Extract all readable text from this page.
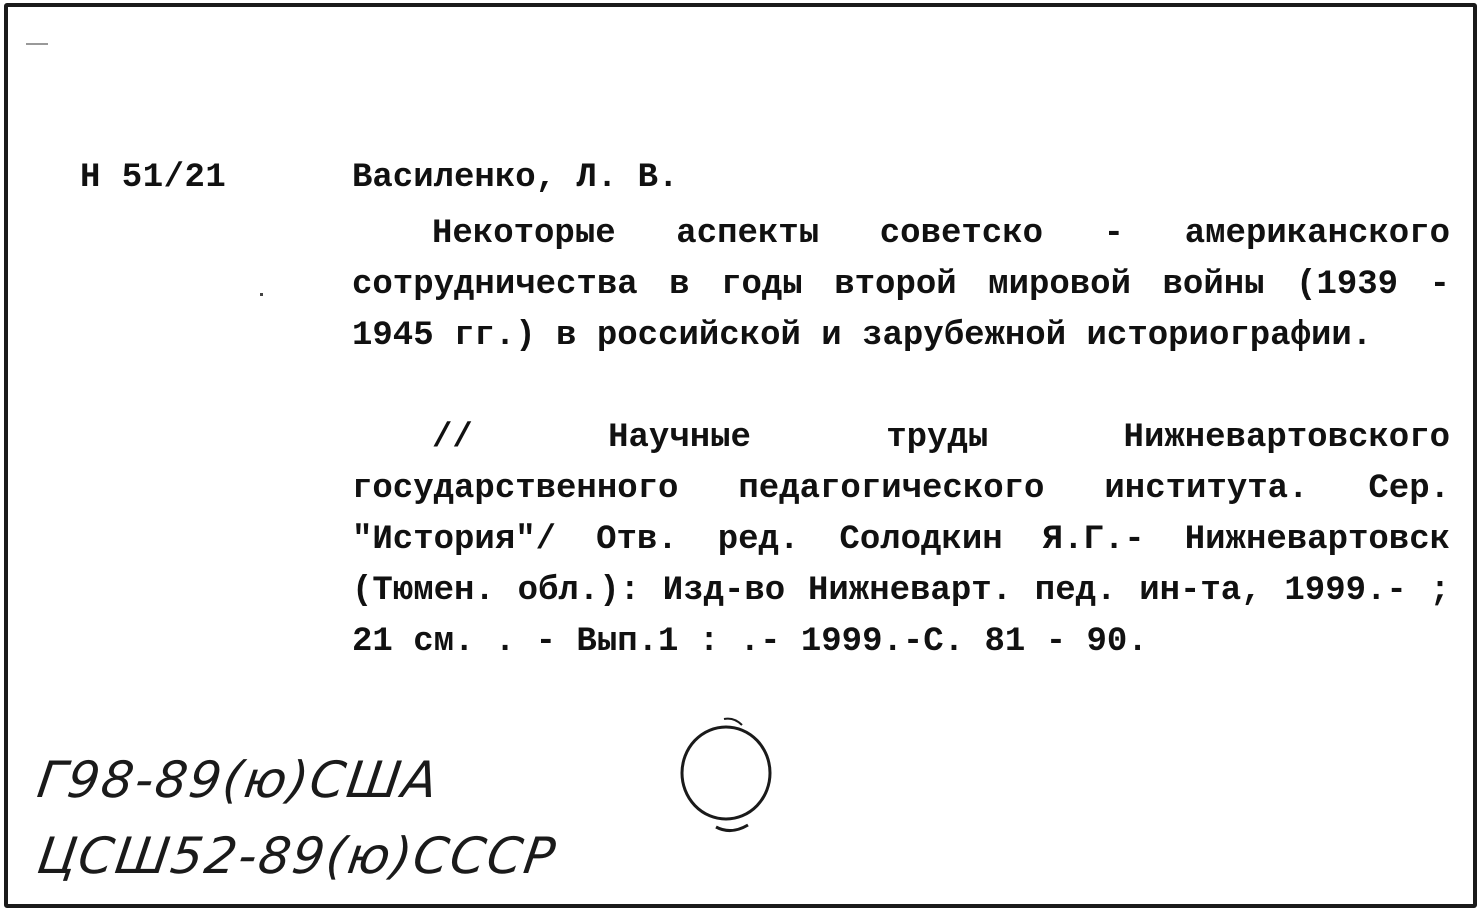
Н 51/21	Василенко, Л. В.

Некоторые аспекты советско - американского сотрудничества в годы второй мировой войны (1939 - 1945 гг.) в российской и зарубежной историографии.

// Научные труды Нижневартовского государственного педагогического института. Сер. "История"/ Отв. ред. Солодкин Я.Г.- Нижневартовск (Тюмен. обл.): Изд-во Нижневарт. пед. ин-та, 1999.- ; 21 см. . - Вып.1 : .- 1999.-С. 81 - 90.

Г98-89(ю)США
ЦСШ52-89(ю)СССР
